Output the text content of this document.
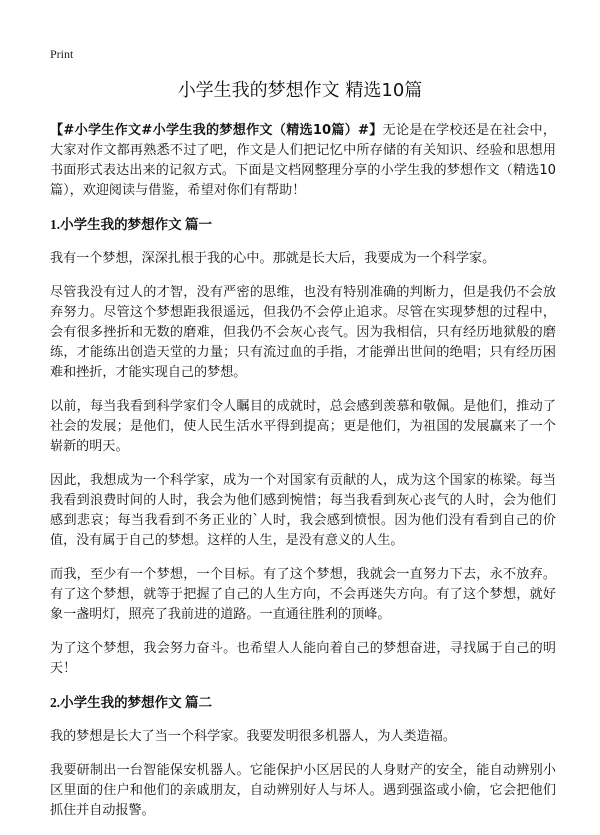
Print
小学生我的梦想作文 精选10篇

【#小学生作文#小学生我的梦想作文（精选10篇）#】无论是在学校还是在社会中，大家对作文都再熟悉不过了吧，作文是人们把记忆中所存储的有关知识、经验和思想用书面形式表达出来的记叙方式。下面是文档网整理分享的小学生我的梦想作文（精选10篇），欢迎阅读与借鉴，希望对你们有帮助！

1.小学生我的梦想作文 篇一

我有一个梦想，深深扎根于我的心中。那就是长大后，我要成为一个科学家。

尽管我没有过人的才智，没有严密的思维，也没有特别准确的判断力，但是我仍不会放弃努力。尽管这个梦想距我很遥远，但我仍不会停止追求。尽管在实现梦想的过程中，会有很多挫折和无数的磨难，但我仍不会灰心丧气。因为我相信，只有经历地狱般的磨练，才能练出创造天堂的力量；只有流过血的手指，才能弹出世间的绝唱；只有经历困难和挫折，才能实现自己的梦想。

以前，每当我看到科学家们令人瞩目的成就时，总会感到羡慕和敬佩。是他们，推动了社会的发展；是他们，使人民生活水平得到提高；更是他们，为祖国的发展赢来了一个崭新的明天。

因此，我想成为一个科学家，成为一个对国家有贡献的人，成为这个国家的栋梁。每当我看到浪费时间的人时，我会为他们感到惋惜；每当我看到灰心丧气的人时，会为他们感到悲哀；每当我看到不务正业的`人时，我会感到愤恨。因为他们没有看到自己的价值，没有属于自己的梦想。这样的人生，是没有意义的人生。

而我，至少有一个梦想，一个目标。有了这个梦想，我就会一直努力下去，永不放弃。有了这个梦想，就等于把握了自己的人生方向，不会再迷失方向。有了这个梦想，就好象一盏明灯，照亮了我前进的道路。一直通往胜利的顶峰。

为了这个梦想，我会努力奋斗。也希望人人能向着自己的梦想奋进，寻找属于自己的明天！

2.小学生我的梦想作文 篇二

我的梦想是长大了当一个科学家。我要发明很多机器人，为人类造福。

我要研制出一台智能保安机器人。它能保护小区居民的人身财产的安全，能自动辨别小区里面的住户和他们的亲戚朋友，自动辨别好人与坏人。遇到强盗或小偷，它会把他们抓住并自动报警。
